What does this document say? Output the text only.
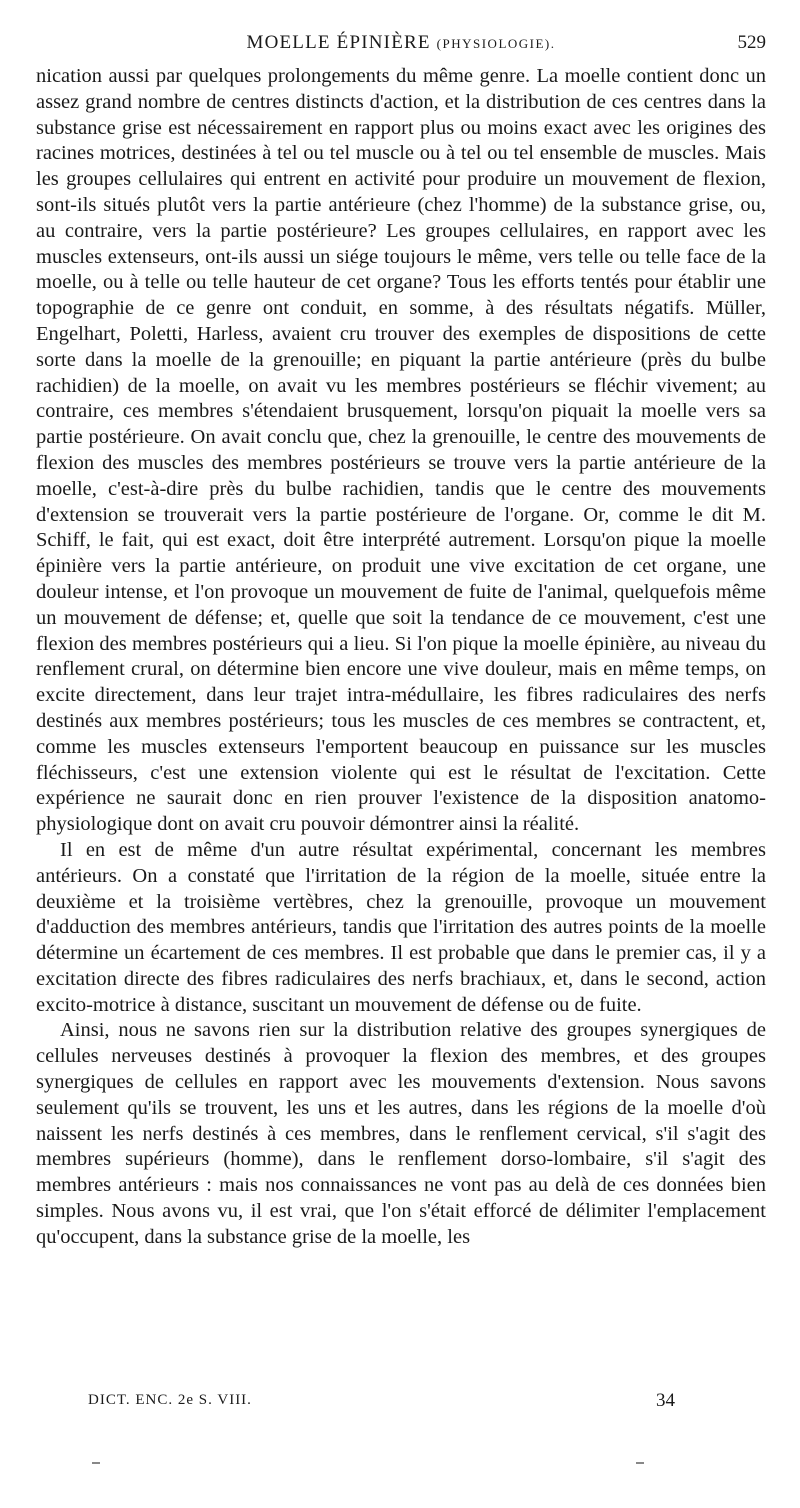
MOELLE ÉPINIÈRE (PHYSIOLOGIE).	529

nication aussi par quelques prolongements du même genre. La moelle contient donc un assez grand nombre de centres distincts d'action, et la distribution de ces centres dans la substance grise est nécessairement en rapport plus ou moins exact avec les origines des racines motrices, destinées à tel ou tel muscle ou à tel ou tel ensemble de muscles. Mais les groupes cellulaires qui entrent en activité pour produire un mouvement de flexion, sont-ils situés plutôt vers la partie antérieure (chez l'homme) de la substance grise, ou, au contraire, vers la partie postérieure? Les groupes cellulaires, en rapport avec les muscles extenseurs, ont-ils aussi un siége toujours le même, vers telle ou telle face de la moelle, ou à telle ou telle hauteur de cet organe? Tous les efforts tentés pour établir une topographie de ce genre ont conduit, en somme, à des résultats négatifs. Müller, Engelhart, Poletti, Harless, avaient cru trouver des exemples de dispositions de cette sorte dans la moelle de la grenouille; en piquant la partie antérieure (près du bulbe rachidien) de la moelle, on avait vu les membres postérieurs se fléchir vivement; au contraire, ces membres s'étendaient brusquement, lorsqu'on piquait la moelle vers sa partie postérieure. On avait conclu que, chez la grenouille, le centre des mouvements de flexion des muscles des membres postérieurs se trouve vers la partie antérieure de la moelle, c'est-à-dire près du bulbe rachidien, tandis que le centre des mouvements d'extension se trouverait vers la partie postérieure de l'organe. Or, comme le dit M. Schiff, le fait, qui est exact, doit être interprété autrement. Lorsqu'on pique la moelle épinière vers la partie antérieure, on produit une vive excitation de cet organe, une douleur intense, et l'on provoque un mouvement de fuite de l'animal, quelquefois même un mouvement de défense; et, quelle que soit la tendance de ce mouvement, c'est une flexion des membres postérieurs qui a lieu. Si l'on pique la moelle épinière, au niveau du renflement crural, on détermine bien encore une vive douleur, mais en même temps, on excite directement, dans leur trajet intra-médullaire, les fibres radiculaires des nerfs destinés aux membres postérieurs; tous les muscles de ces membres se contractent, et, comme les muscles extenseurs l'emportent beaucoup en puissance sur les muscles fléchisseurs, c'est une extension violente qui est le résultat de l'excitation. Cette expérience ne saurait donc en rien prouver l'existence de la disposition anatomo-physiologique dont on avait cru pouvoir démontrer ainsi la réalité.

Il en est de même d'un autre résultat expérimental, concernant les membres antérieurs. On a constaté que l'irritation de la région de la moelle, située entre la deuxième et la troisième vertèbres, chez la grenouille, provoque un mouvement d'adduction des membres antérieurs, tandis que l'irritation des autres points de la moelle détermine un écartement de ces membres. Il est probable que dans le premier cas, il y a excitation directe des fibres radiculaires des nerfs brachiaux, et, dans le second, action excito-motrice à distance, suscitant un mouvement de défense ou de fuite.

Ainsi, nous ne savons rien sur la distribution relative des groupes synergiques de cellules nerveuses destinés à provoquer la flexion des membres, et des groupes synergiques de cellules en rapport avec les mouvements d'extension. Nous savons seulement qu'ils se trouvent, les uns et les autres, dans les régions de la moelle d'où naissent les nerfs destinés à ces membres, dans le renflement cervical, s'il s'agit des membres supérieurs (homme), dans le renflement dorso-lombaire, s'il s'agit des membres antérieurs : mais nos connaissances ne vont pas au delà de ces données bien simples. Nous avons vu, il est vrai, que l'on s'était efforcé de délimiter l'emplacement qu'occupent, dans la substance grise de la moelle, les

DICT. ENC. 2e S. VIII.	34
